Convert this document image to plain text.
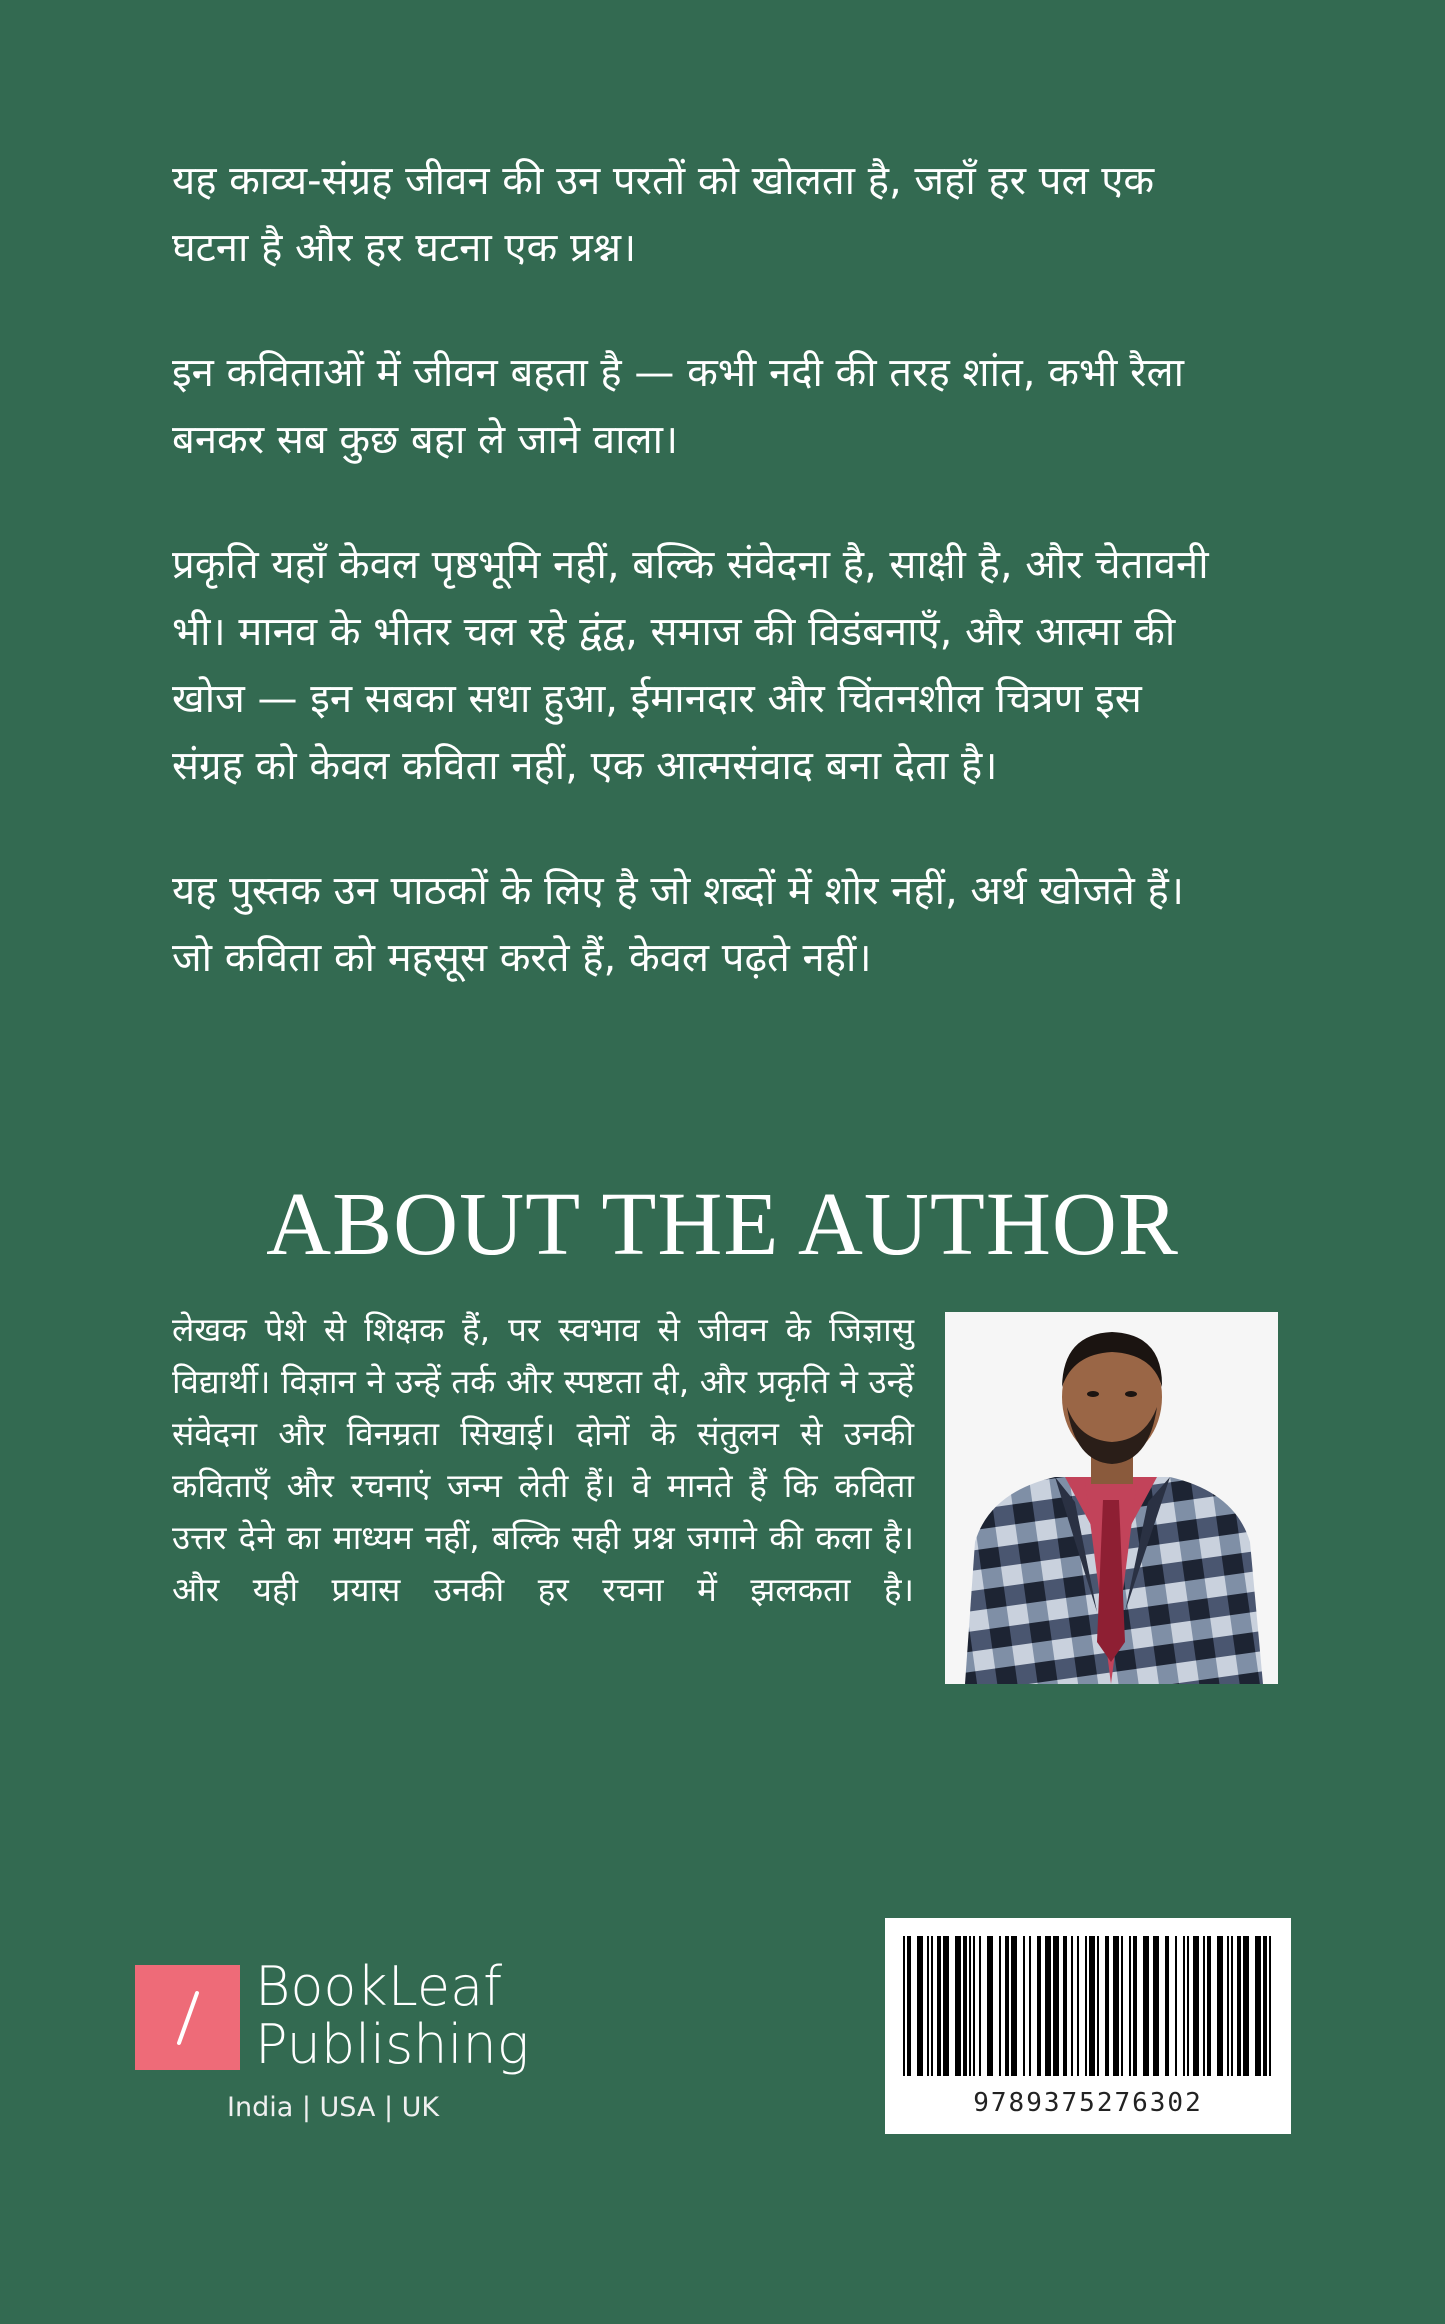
यह काव्य-संग्रह जीवन की उन परतों को खोलता है, जहाँ हर पल एक घटना है और हर घटना एक प्रश्न।

इन कविताओं में जीवन बहता है — कभी नदी की तरह शांत, कभी रैला बनकर सब कुछ बहा ले जाने वाला।

प्रकृति यहाँ केवल पृष्ठभूमि नहीं, बल्कि संवेदना है, साक्षी है, और चेतावनी भी। मानव के भीतर चल रहे द्वंद्व, समाज की विडंबनाएँ, और आत्मा की खोज — इन सबका सधा हुआ, ईमानदार और चिंतनशील चित्रण इस संग्रह को केवल कविता नहीं, एक आत्मसंवाद बना देता है।

यह पुस्तक उन पाठकों के लिए है जो शब्दों में शोर नहीं, अर्थ खोजते हैं। जो कविता को महसूस करते हैं, केवल पढ़ते नहीं।

ABOUT THE AUTHOR

लेखक पेशे से शिक्षक हैं, पर स्वभाव से जीवन के जिज्ञासु विद्यार्थी। विज्ञान ने उन्हें तर्क और स्पष्टता दी, और प्रकृति ने उन्हें संवेदना और विनम्रता सिखाई। दोनों के संतुलन से उनकी कविताएँ और रचनाएं जन्म लेती हैं। वे मानते हैं कि कविता उत्तर देने का माध्यम नहीं, बल्कि सही प्रश्न जगाने की कला है। और यही प्रयास उनकी हर रचना में झलकता है।

BookLeaf
Publishing
India | USA | UK	9789375276302
